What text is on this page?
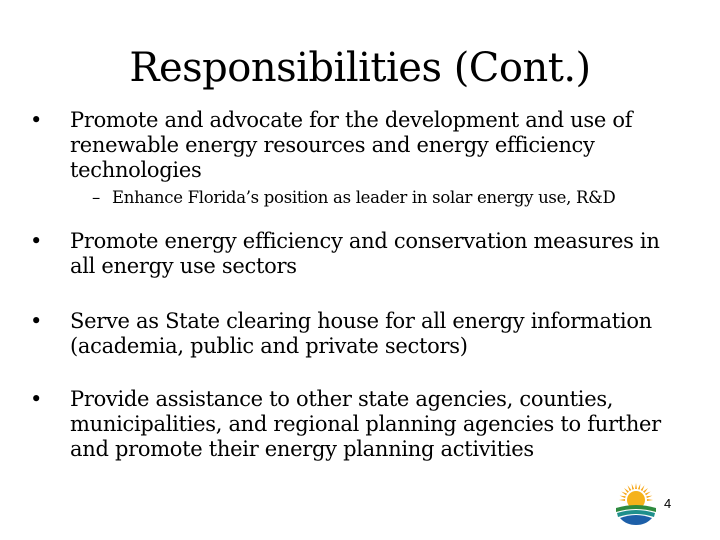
Responsibilities (Cont.)
• Promote and advocate for the development and use of renewable energy resources and energy efficiency technologies
– Enhance Florida’s position as leader in solar energy use, R&D
• Promote energy efficiency and conservation measures in all energy use sectors
• Serve as State clearing house for all energy information (academia, public and private sectors)
• Provide assistance to other state agencies, counties, municipalities, and regional planning agencies to further and promote their energy planning activities
4
